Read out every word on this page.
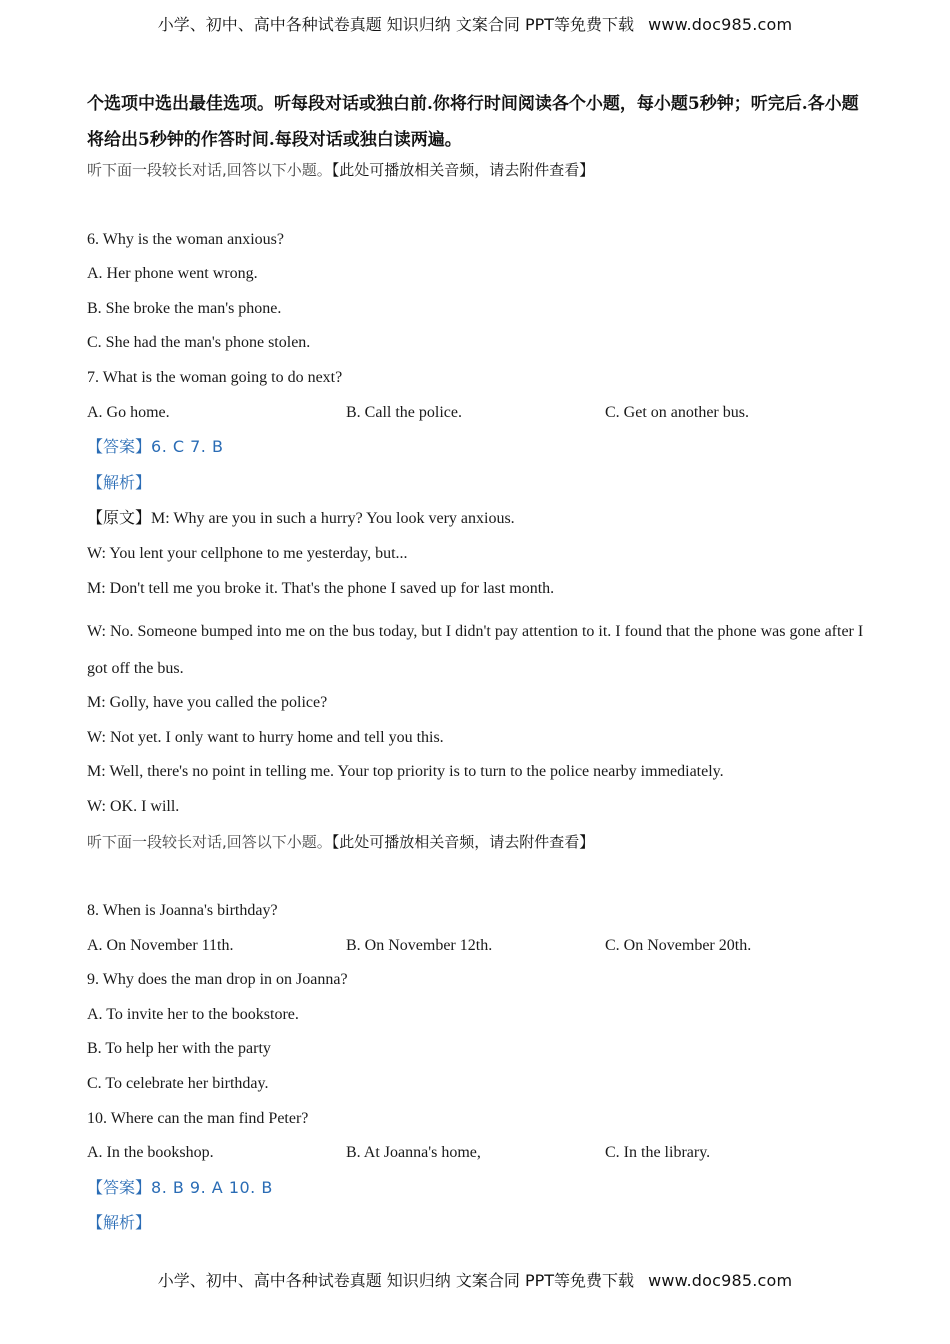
小学、初中、高中各种试卷真题 知识归纳 文案合同 PPT等免费下载 www.doc985.com
个选项中选出最佳选项。听每段对话或独白前.你将行时间阅读各个小题，每小题5秒钟；听完后.各小题将给出5秒钟的作答时间.每段对话或独白读两遍。
听下面一段较长对话,回答以下小题。【此处可播放相关音频，请去附件查看】
6. Why is the woman anxious?
A. Her phone went wrong.
B. She broke the man's phone.
C. She had the man's phone stolen.
7. What is the woman going to do next?
A. Go home.	B. Call the police.	C. Get on another bus.
【答案】6. C 7. B
【解析】
【原文】M: Why are you in such a hurry? You look very anxious.
W: You lent your cellphone to me yesterday, but...
M: Don't tell me you broke it. That's the phone I saved up for last month.
W: No. Someone bumped into me on the bus today, but I didn't pay attention to it. I found that the phone was gone after I got off the bus.
M: Golly, have you called the police?
W: Not yet. I only want to hurry home and tell you this.
M: Well, there's no point in telling me. Your top priority is to turn to the police nearby immediately.
W: OK. I will.
听下面一段较长对话,回答以下小题。【此处可播放相关音频，请去附件查看】
8. When is Joanna's birthday?
A. On November 11th.	B. On November 12th.	C. On November 20th.
9. Why does the man drop in on Joanna?
A. To invite her to the bookstore.
B. To help her with the party
C. To celebrate her birthday.
10. Where can the man find Peter?
A. In the bookshop.	B. At Joanna's home,	C. In the library.
【答案】8. B 9. A 10. B
【解析】
小学、初中、高中各种试卷真题 知识归纳 文案合同 PPT等免费下载 www.doc985.com
